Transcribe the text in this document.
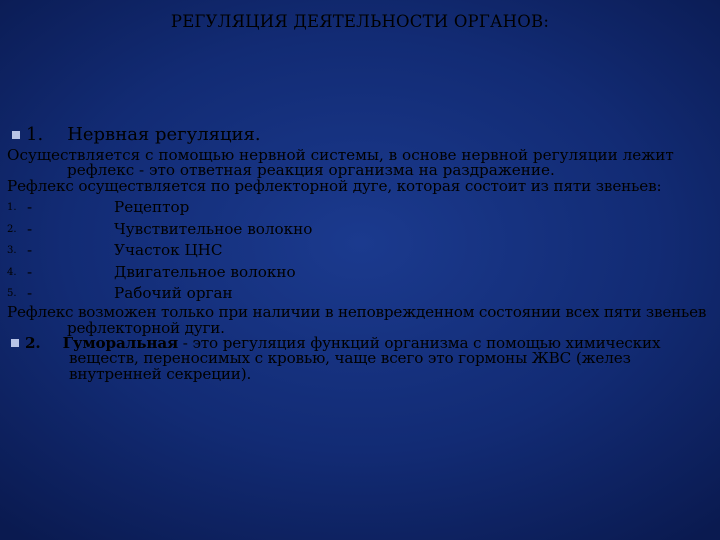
РЕГУЛЯЦИЯ ДЕЯТЕЛЬНОСТИ ОРГАНОВ:
1. Нервная регуляция.

Осуществляется с помощью нервной системы, в основе нервной регуляции лежит рефлекс - это ответная реакция организма на раздражение.

Рефлекс осуществляется по рефлекторной дуге, которая состоит из пяти звеньев:

1. -	Рецептор
2. -	Чувствительное волокно
3. -	Участок ЦНС
4. -	Двигательное волокно
5. -	Рабочий орган

Рефлекс возможен только при наличии в неповрежденном состоянии всех пяти звеньев рефлекторной дуги.

2. Гуморальная - это регуляция функций организма с помощью химических веществ, переносимых с кровью, чаще всего это гормоны ЖВС (желез внутренней секреции).
